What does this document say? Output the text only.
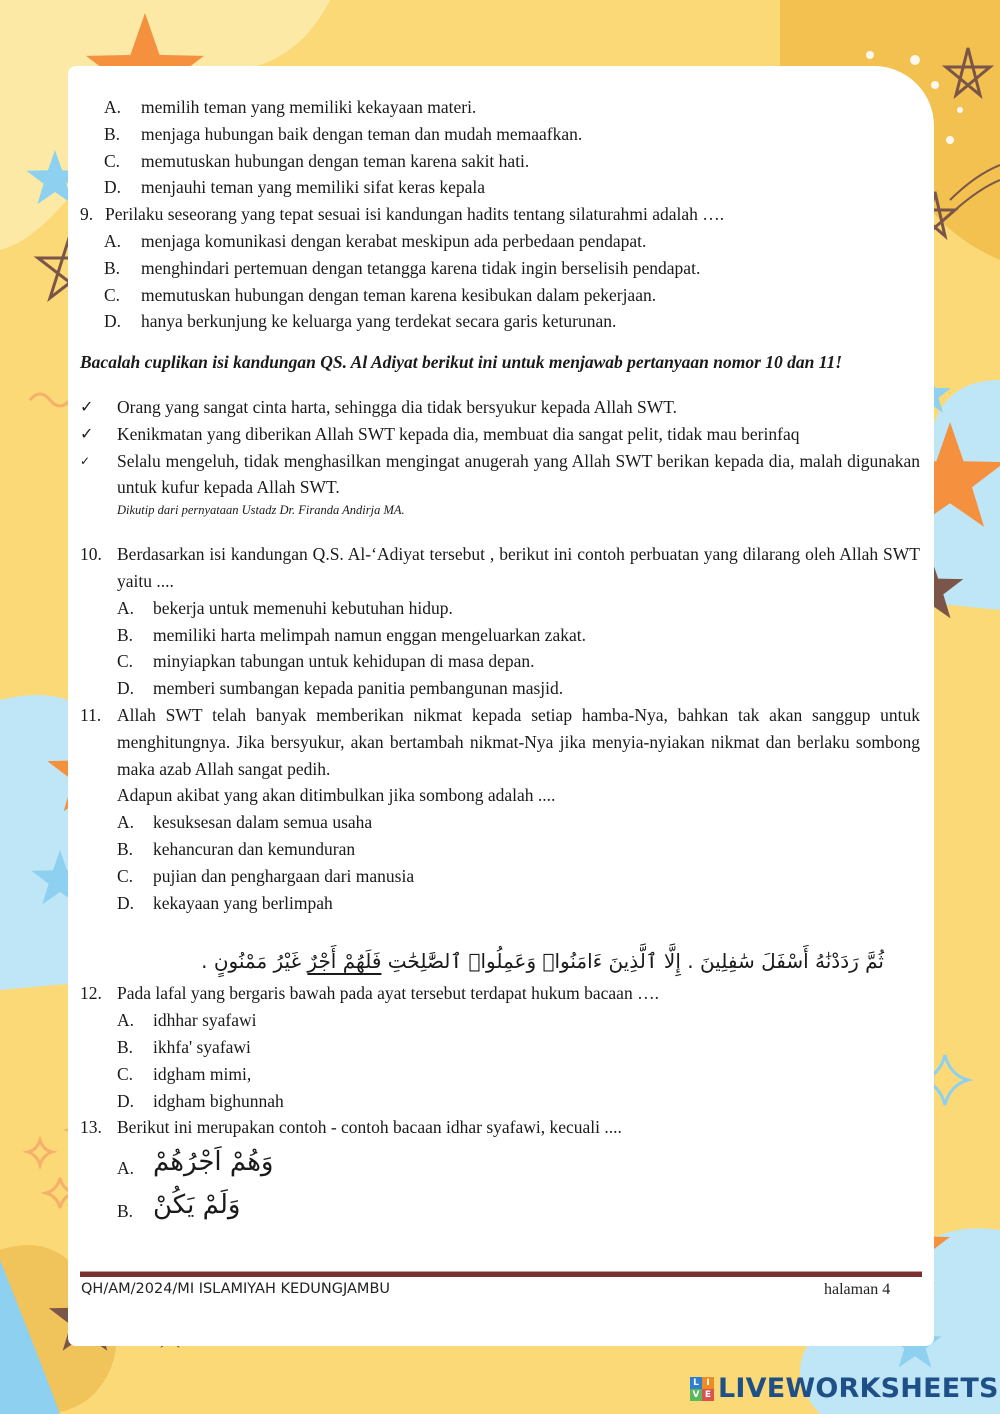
A.	memilih teman yang memiliki kekayaan materi.
B.	menjaga hubungan baik dengan teman dan mudah memaafkan.
C.	memutuskan hubungan dengan teman karena sakit hati.
D.	menjauhi teman yang memiliki sifat keras kepala
9. Perilaku seseorang yang tepat sesuai isi kandungan hadits tentang silaturahmi adalah ….
A.	menjaga komunikasi dengan kerabat meskipun ada perbedaan pendapat.
B.	menghindari pertemuan dengan tetangga karena tidak ingin berselisih pendapat.
C.	memutuskan hubungan dengan teman karena kesibukan dalam pekerjaan.
D.	hanya berkunjung ke keluarga yang terdekat secara garis keturunan.
Bacalah cuplikan isi kandungan QS. Al Adiyat berikut ini untuk menjawab pertanyaan nomor 10 dan 11!
✓	Orang yang sangat cinta harta, sehingga dia tidak bersyukur kepada Allah SWT.
✓	Kenikmatan yang diberikan Allah SWT kepada dia, membuat dia sangat pelit, tidak mau berinfaq
✓	Selalu mengeluh, tidak menghasilkan mengingat anugerah yang Allah SWT berikan kepada dia, malah digunakan untuk kufur kepada Allah SWT.
Dikutip dari pernyataan Ustadz Dr. Firanda Andirja MA.
10. Berdasarkan isi kandungan Q.S. Al-‘Adiyat tersebut , berikut ini contoh perbuatan yang dilarang oleh Allah SWT yaitu ....
A.	bekerja untuk memenuhi kebutuhan hidup.
B.	memiliki harta melimpah namun enggan mengeluarkan zakat.
C.	minyiapkan tabungan untuk kehidupan di masa depan.
D.	memberi sumbangan kepada panitia pembangunan masjid.
11. Allah SWT telah banyak memberikan nikmat kepada setiap hamba-Nya, bahkan tak akan sanggup untuk menghitungnya. Jika bersyukur, akan bertambah nikmat-Nya jika menyia-nyiakan nikmat dan berlaku sombong maka azab Allah sangat pedih.
Adapun akibat yang akan ditimbulkan jika sombong adalah ....
A.	kesuksesan dalam semua usaha
B.	kehancuran dan kemunduran
C.	pujian dan penghargaan dari manusia
D.	kekayaan yang berlimpah
ثُمَّ رَدَدْنَٰهُ أَسْفَلَ سَٰفِلِينَ . إِلَّا ٱلَّذِينَ ءَامَنُوا۟ وَعَمِلُوا۟ ٱلصَّٰلِحَٰتِ فَلَهُمْ أَجْرٌ غَيْرُ مَمْنُونٍ .
12. Pada lafal yang bergaris bawah pada ayat tersebut terdapat hukum bacaan ….
A.	idhhar syafawi
B.	ikhfa' syafawi
C.	idgham mimi,
D.	idgham bighunnah
13. Berikut ini merupakan contoh - contoh bacaan idhar syafawi, kecuali ....
A. وَهُمْ اَجْرُهُمْ
B. وَلَمْ يَكُنْ
QH/AM/2024/MI ISLAMIYAH KEDUNGJAMBU	halaman 4
L I
V E LIVEWORKSHEETS
